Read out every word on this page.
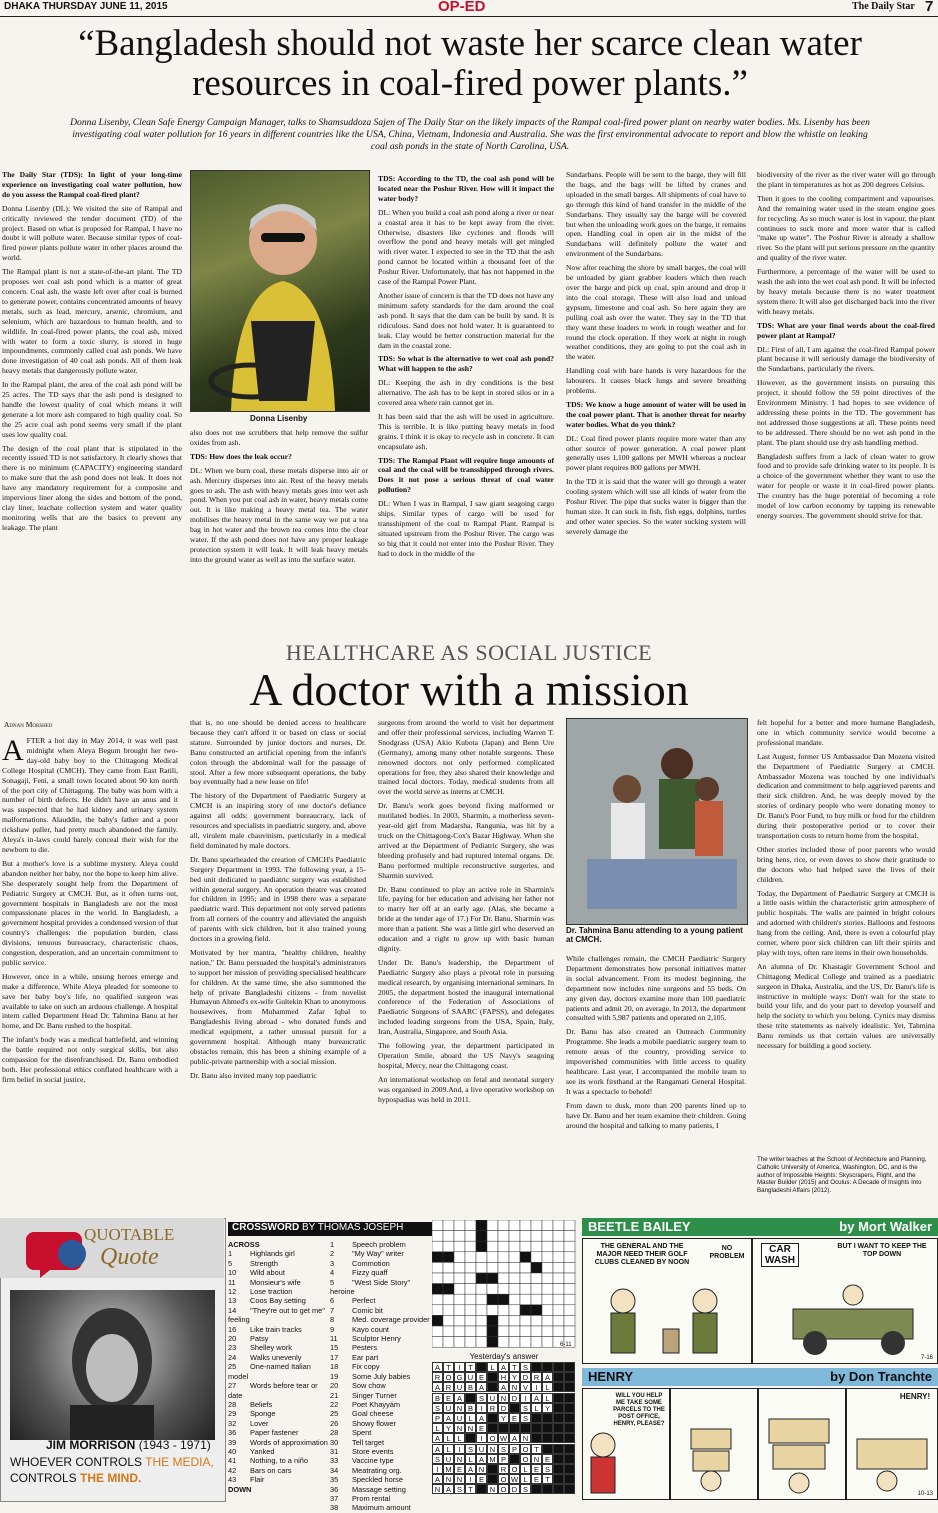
DHAKA THURSDAY JUNE 11, 2015	OP-ED	The Daily Star 7
“Bangladesh should not waste her scarce clean water resources in coal-fired power plants.”
Donna Lisenby, Clean Safe Energy Campaign Manager, talks to Shamsuddoza Sajen of The Daily Star on the likely impacts of the Rampal coal-fired power plant on nearby water bodies. Ms. Lisenby has been investigating coal water pollution for 16 years in different countries like the USA, China, Vietnam, Indonesia and Australia. She was the first environmental advocate to report and blow the whistle on leaking coal ash ponds in the state of North Carolina, USA.

The Daily Star (TDS): In light of your long-time experience on investigating coal water pollution, how do you assess the Rampal coal-fired plant?

Donna Lisenby (DL): We visited the site of Rampal and critically reviewed the tender document (TD) of the project. Based on what is proposed for Rampal, I have no doubt it will pollute water. Because similar types of coal-fired power plants pollute water in other places around the world.

The Rampal plant is not a state-of-the-art plant. The TD proposes wet coal ash pond which is a matter of great concern. Coal ash, the waste left over after coal is burned to generate power, contains concentrated amounts of heavy metals, such as lead, mercury, arsenic, chromium, and selenium, which are hazardous to human health, and to wildlife. In coal-fired power plants, the coal ash, mixed with water to form a toxic slurry, is stored in huge impoundments, commonly called coal ash ponds. We have done investigation of 40 coal ash ponds. All of them leak heavy metals that dangerously pollute water.

In the Rampal plant, the area of the coal ash pond will be 25 acres. The TD says that the ash pond is designed to handle the lowest quality of coal which means it will generate a lot more ash compared to high quality coal. So the 25 acre coal ash pond seems very small if the plant uses low quality coal.

The design of the coal plant that is stipulated in the recently issued TD is not satisfactory. It clearly shows that there is no minimum (CAPACITY) engineering standard to make sure that the ash pond does not leak. It does not have any mandatory requirement for a composite and impervious liner along the sides and bottom of the pond, clay liner, leachate collection system and water quality monitoring wells that are the basics to prevent any leakage. The plant

Donna Lisenby

also does not use scrubbers that help remove the sulfur oxides from ash.

TDS: How does the leak occur?

DL: When we burn coal, these metals disperse into air or ash. Mercury disperses into air. Rest of the heavy metals goes to ash. The ash with heavy metals goes into wet ash pond. When you put coal ash in water, heavy metals come out. It is like making a heavy metal tea. The water mobilises the heavy metal in the same way we put a tea bag in hot water and the brown tea comes into the clear water. If the ash pond does not have any proper leakage protection system it will leak. It will leak heavy metals into the ground water as well as into the surface water.

TDS: According to the TD, the coal ash pond will be located near the Poshur River. How will it impact the water body?

DL: When you build a coal ash pond along a river or near a coastal area it has to be kept away from the river. Otherwise, disasters like cyclones and floods will overflow the pond and heavy metals will get mingled with river water. I expected to see in the TD that the ash pond cannot be located within a thousand feet of the Poshur River. Unfortunately, that has not happened in the case of the Rampal Power Plant.

Another issue of concern is that the TD does not have any minimum safety standards for the dam around the coal ash pond. It says that the dam can be built by sand. It is ridiculous. Sand does not hold water. It is guaranteed to leak. Clay would be better construction material for the dam in the coastal zone.

TDS: So what is the alternative to wet coal ash pond? What will happen to the ash?

DL: Keeping the ash in dry conditions is the best alternative. The ash has to be kept in stored silos or in a covered area where rain cannot get in.

It has been said that the ash will be used in agriculture. This is terrible. It is like putting heavy metals in food grains. I think it is okay to recycle ash in concrete. It can encapsulate ash.

TDS: The Rampal Plant will require huge amounts of coal and the coal will be transshipped through rivers. Does it not pose a serious threat of coal water pollution?

DL: When I was in Rampal, I saw giant seagoing cargo ships. Similar types of cargo will be used for transshipment of the coal to Rampal Plant. Rampal is situated upstream from the Poshur River. The cargo was so big that it could not enter into the Poshur River. They had to dock in the middle of the

Sundarbans. People will be sent to the barge, they will fill the bags, and the bags will be lifted by cranes and uploaded in the small barges. All shipments of coal have to go through this kind of hand transfer in the middle of the Sundarbans. They usually say the barge will be covered but when the unloading work goes on the barge, it remains open. Handling coal in open air in the midst of the Sundarbans will definitely pollute the water and environment of the Sundarbans.

Now after reaching the shore by small barges, the coal will be unloaded by giant grabber loaders which then reach over the barge and pick up coal, spin around and drop it into the coal storage. These will also load and unload gypsum, limestone and coal ash. So here again they are pulling coal ash over the water. They say in the TD that they want these loaders to work in rough weather and for round the clock operation. If they work at night in rough weather conditions, they are going to put the coal ash in the water.

Handling coal with bare hands is very hazardous for the labourers. It causes black lungs and severe breathing problems.

TDS: We know a huge amount of water will be used in the coal power plant. That is another threat for nearby water bodies. What do you think?

DL: Coal fired power plants require more water than any other source of power generation. A coal power plant generally uses 1,100 gallons per MWH whereas a nuclear power plant requires 800 gallons per MWH.

In the TD it is said that the water will go through a water cooling system which will use all kinds of water from the Poshur River. The pipe that sucks water is bigger than the human size. It can suck in fish, fish eggs, dolphins, turtles and other water species. So the water sucking system will severely damage the

biodiversity of the river as the river water will go through the plant in temperatures as hot as 200 degrees Celsius.

Then it goes to the cooling compartment and vapourises. And the remaining water used in the steam engine goes for recycling. As so much water is lost in vapour, the plant continues to suck more and more water that is called "make up water". The Poshur River is already a shallow river. So the plant will put serious pressure on the quantity and quality of the river water.

Furthermore, a percentage of the water will be used to wash the ash into the wet coal ash pond. It will be infected by heavy metals because there is no water treatment system there. It will also get discharged back into the river with heavy metals.

TDS: What are your final words about the coal-fired power plant at Rampal?

DL: First of all, I am against the coal-fired Rampal power plant because it will seriously damage the biodiversity of the Sundarbans, particularly the rivers.

However, as the government insists on pursuing this project, it should follow the 59 point directives of the Environment Ministry. I had hopes to see evidence of addressing these points in the TD. The government has not addressed those suggestions at all. These points need to be addressed. There should be no wet ash pond in the plant. The plant should use dry ash handling method.

Bangladesh suffers from a lack of clean water to grow food and to provide safe drinking water to its people. It is a choice of the government whether they want to use the water for people or waste it in coal-fired power plants. The country has the huge potential of becoming a role model of low carbon economy by tapping its renewable energy sources. The government should strive for that.

HEALTHCARE AS SOCIAL JUSTICE
A doctor with a mission
Adnan Morshed

AFTER a hot day in May 2014, it was well past midnight when Aleya Begum brought her two-day-old baby boy to the Chittagong Medical College Hospital (CMCH). They came from East Ratili, Sonagaji, Feni, a small town located about 90 km north of the port city of Chittagong. The baby was born with a number of birth defects. He didn't have an anus and it was suspected that he had kidney and urinary system malformations. Alauddin, the baby's father and a poor rickshaw puller, had pretty much abandoned the family. Aleya's in-laws could barely conceal their wish for the newborn to die.

But a mother's love is a sublime mystery. Aleya could abandon neither her baby, nor the hope to keep him alive. She desperately sought help from the Department of Pediatric Surgery at CMCH. But, as it often turns out, government hospitals in Bangladesh are not the most compassionate places in the world. In Bangladesh, a government hospital provides a condensed version of that country's challenges: the population burden, class divisions, tenuous bureaucracy, characteristic chaos, congestion, desperation, and an uncertain commitment to public service.

However, once in a while, unsung heroes emerge and make a difference. While Aleya pleaded for someone to save her baby boy's life, no qualified surgeon was available to take on such an arduous challenge. A hospital intern called Department Head Dr. Tahmina Banu at her home, and Dr. Banu rushed to the hospital.

The infant's body was a medical battlefield, and winning the battle required not only surgical skills, but also compassion for the disenfranchised. Dr. Banu embodied both. Her professional ethics conflated healthcare with a firm belief in social justice,

that is, no one should be denied access to healthcare because they can't afford it or based on class or social stature. Surrounded by junior doctors and nurses, Dr. Banu constructed an artificial opening from the infant's colon through the abdominal wall for the passage of stool. After a few more subsequent operations, the baby boy eventually had a new lease on life!

The history of the Department of Paediatric Surgery at CMCH is an inspiring story of one doctor's defiance against all odds: government bureaucracy, lack of resources and specialists in paediatric surgery, and, above all, virulent male chauvinism, particularly in a medical field dominated by male doctors.

Dr. Banu spearheaded the creation of CMCH's Paediatric Surgery Department in 1993. The following year, a 15-bed unit dedicated to paediatric surgery was established within general surgery. An operation theatre was created for children in 1995; and in 1998 there was a separate paediatric ward. This department not only served patients from all corners of the country and alleviated the anguish of parents with sick children, but it also trained young doctors in a growing field.

Motivated by her mantra, "healthy children, healthy nation," Dr. Banu persuaded the hospital's administrators to support her mission of providing specialised healthcare for children. At the same time, she also summoned the help of private Bangladeshi citizens - from novelist Humayun Ahmed's ex-wife Gultekin Khan to anonymous housewives, from Muhammed Zafar Iqbal to Bangladeshis living abroad - who donated funds and medical equipment, a rather unusual pursuit for a government hospital. Although many bureaucratic obstacles remain, this has been a shining example of a public-private partnership with a social mission.

Dr. Banu also invited many top paediatric

surgeons from around the world to visit her department and offer their professional services, including Warren T. Snodgrass (USA) Akio Kubota (Japan) and Benn Ure (Germany), among many other notable surgeons. These renowned doctors not only performed complicated operations for free, they also shared their knowledge and trained local doctors. Today, medical students from all over the world serve as interns at CMCH.

Dr. Banu's work goes beyond fixing malformed or mutilated bodies. In 2003, Sharmin, a motherless seven-year-old girl from Madarsha, Rangunia, was hit by a truck on the Chittagong-Cox's Bazar Highway. When she arrived at the Department of Pediatric Surgery, she was bleeding profusely and had ruptured internal organs. Dr. Banu performed multiple reconstructive surgeries, and Sharmin survived.

Dr. Banu continued to play an active role in Sharmin's life, paying for her education and advising her father not to marry her off at an early age. (Alas, she became a bride at the tender age of 17.) For Dr. Banu, Sharmin was more than a patient. She was a little girl who deserved an education and a right to grow up with basic human dignity.

Under Dr. Banu's leadership, the Department of Paediatric Surgery also plays a pivotal role in pursuing medical research, by organising international seminars. In 2005, the department hosted the inaugural international conference of the Federation of Associations of Paediatric Surgeons of SAARC (FAPSS), and delegates included leading surgeons from the USA, Spain, Italy, Iran, Australia, Singapore, and South Asia.

The following year, the department participated in Operation Smile, aboard the US Navy's seagoing hospital, Mercy, near the Chittagong coast.

An international workshop on fetal and neonatal surgery was organised in 2009.And, a live operative workshop on hypospadias was held in 2011.

Dr. Tahmina Banu attending to a young patient at CMCH.

While challenges remain, the CMCH Paediatric Surgery Department demonstrates how personal initiatives matter in social advancement. From its modest beginning, the department now includes nine surgeons and 55 beds. On any given day, doctors examine more than 100 paediatric patients and admit 20, on average. In 2013, the department consulted with 5,987 patients and operated on 2,105.

Dr. Banu has also created an Outreach Community Programme. She leads a mobile paediatric surgery team to remote areas of the country, providing service to impoverished communities with little access to quality healthcare. Last year, I accompanied the mobile team to see its work firsthand at the Rangamati General Hospital. It was a spectacle to behold!

From dawn to dusk, more than 200 parents lined up to have Dr. Banu and her team examine their children. Going around the hospital and talking to many patients, I

felt hopeful for a better and more humane Bangladesh, one in which community service would become a professional mandate.

Last August, former US Ambassador Dan Mozena visited the Department of Paediatric Surgery at CMCH. Ambassador Mozena was touched by one individual's dedication and commitment to help aggrieved parents and their sick children. And, he was deeply moved by the stories of ordinary people who were donating money to Dr. Banu's Poor Fund, to buy milk or food for the children during their postoperative period or to cover their transportation costs to return home from the hospital.

Other stories included those of poor parents who would bring hens, rice, or even doves to show their gratitude to the doctors who had helped save the lives of their children.

Today, the Department of Paediatric Surgery at CMCH is a little oasis within the characteristic grim atmosphere of public hospitals. The walls are painted in bright colours and adorned with children's stories. Balloons and festoons hang from the ceiling. And, there is even a colourful play corner, where poor sick children can lift their spirits and play with toys, often rare items in their own households.

An alumna of Dr. Khastagir Government School and Chittagong Medical College and trained as a paediatric surgeon in Dhaka, Australia, and the US, Dr. Banu's life is instructive in multiple ways: Don't wait for the state to build your life, and do your part to develop yourself and help the society to which you belong. Cynics may dismiss these trite statements as naively idealistic. Yet, Tahmina Banu reminds us that certain values are universally necessary for building a good society.

The writer teaches at the School of Architecture and Planning, Catholic University of America, Washington, DC, and is the author of Impossible Heights: Skyscrapers, Flight, and the Master Builder (2015) and Oculus: A Decade of Insights Into Bangladeshi Affairs (2012).
QUOTABLE
Quote
JIM MORRISON (1943 - 1971)
WHOEVER CONTROLS THE MEDIA,
CONTROLS THE MIND.
CROSSWORD BY THOMAS JOSEPH
ACROSS
1 Highlands girl
5 Strength
10 Wild about
11 Monsieur's wife
12 Lose traction
13 Coos Bay setting
14 "They're out to get me" feeling
16 Like train tracks
20 Patsy
23 Shelley work
24 Walks unevenly
25 One-named Italian model
27 Words before tear or date
28 Beliefs
29 Sponge
32 Lover
36 Paper fastener
39 Words of approximation
40 Yanked
41 Nothing, to a niño
42 Bars on cars
43 Flair
DOWN
1 Speech problem
2 "My Way" writer
3 Commotion
4 Fizzy quaff
5 "West Side Story" heroine
6 Perfect
7 Comic bit
8 Med. coverage provider
9 Kayo count
11 Sculptor Henry
15 Pesters
17 Ear part
18 Fix copy
19 Some July babies
20 Sow chow
21 Singer Turner
22 Poet Khayyám
25 Goal cheese
26 Showy flower
28 Spent
30 Tell target
31 Store events
33 Vaccine type
34 Meatrating org.
35 Speckled horse
36 Massage setting
37 Prom rental
38 Maximum amount
6-11
Yesterday's answer
A T	I	T	L A T S
R O G U E	H Y D R A
A R U B A	A N V I	L
B E A	S U N D I A L
S U N B I R D	S L Y
P A U L A	Y E S
L Y N N E
A L L	I O W A N
A L	I S U N S P O T
S U N L A M P	O N E
I M E A N	R O L E S
A N N I E	O W L E T
N A S T	N O D S
BEETLE BAILEY	by Mort Walker
THE GENERAL AND THE MAJOR NEED THEIR GOLF CLUBS CLEANED BY NOON
NO PROBLEM
CAR WASH
BUT I WANT TO KEEP THE TOP DOWN
7-16
HENRY	by Don Tranchte
WILL YOU HELP ME TAKE SOME PARCELS TO THE POST OFFICE, HENRY, PLEASE?
HENRY!
10-13
